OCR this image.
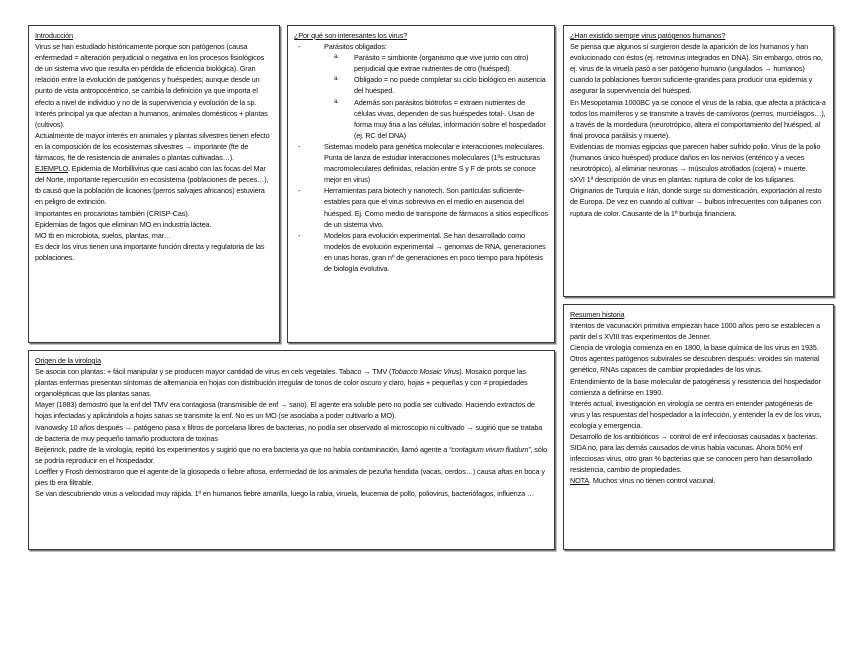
Introducción
Virus se han estudiado históricamente porque son patógenos (causa enfermedad = alteración perjudicial o negativa en los procesos fisiológicos de un sistema vivo que resulta en pérdida de eficiencia biológica). Gran relación entre la evolución de patógenos y huéspedes; aunque desde un punto de vista antropocéntrico, se cambia la definición ya que importa el efecto a nivel de individuo y no de la supervivencia y evolución de la sp.
Interés principal ya que afectan a humanos, animales domésticos + plantas (cultivos).
Actualmente de mayor interés en animales y plantas silvestres tienen efecto en la composición de los ecosistemas silvestres → importante (fte de fármacos, fte de resistencia de animales o plantas cultivadas…).
EJEMPLO. Epidemia de Morbillivirus que casi acabó con las focas del Mar del Norte, importante repercusión en ecosistema (poblaciones de peces…), tb causó que la población de licaones (perros salvajes africanos) estuviera en peligro de extinción.
Importantes en procariotas también (CRISP-Cas).
Epidemias de fagos que eliminan MO en industria láctea.
MO tb en microbiota, suelos, plantas, mar…
Es decir los virus tienen una importante función directa y regulatoria de las poblaciones.
¿Por qué son interesantes los virus?
- Parásitos obligados:
a. Parásito = simbionte (organismo que vive junto con otro) perjudicial que extrae nutrientes de otro (huésped).
a. Obligado = no puede completar su ciclo biológico en ausencia del huésped.
a. Además son parásitos biótrofos = extraen nutrientes de células vivas, dependen de sus huéspedes total-. Usan de forma muy fina a las células, información sobre el hospedador (ej. RC del DNA)
- Sistemas modelo para genética molecular e interacciones moleculares. Punta de lanza de estudiar interacciones moleculares (1ªs estructuras macromoleculares definidas, relación entre S y F de prots se conoce mejor en virus)
- Herramientas para biotech y nanotech. Son partículas suficiente-estables para que el virus sobreviva en el medio en ausencia del huésped. Ej. Como medio de transporte de fármacos a sitios específicos de un sistema vivo.
- Modelos para evolución experimental. Se han desarrollado como modelos de evolución experimental → genomas de RNA, generaciones en unas horas, gran nº de generaciones en poco tiempo para hipótesis de biología evolutiva.
¿Han existido siempre virus patógenos humanos?
Se piensa que algunos sí surgieron desde la aparición de los humanos y han evolucionado con éstos (ej. retrovirus integrados en DNA). Sin embargo, otros no, ej. virus de la viruela pasó a ser patógeno humano (ungulados → humanos) cuando la poblaciones fueron suficiente-grandes para producir una epidemia y asegurar la supervivencia del huésped.
En Mesopotamia 1000BC ya se conoce el virus de la rabia, que afecta a práctica-a todos los mamíferos y se transmite a través de carnívoros (perros, murciélagos…), a través de la mordedura (neurotrópico, altera el comportamiento del huésped, al final provoca parálisis y muerte).
Evidencias de momias egipcias que parecen haber sufrido polio. Virus de la polio (humanos único huésped) produce daños en los nervios (entérico y a veces neurotrópico), al eliminar neuronas → músculos atrofiados (cojera) + muerte.
sXVI 1ª descripción de virus en plantas: ruptura de color de los tulipanes. Originarios de Turquía e Irán, donde surge su domesticación, exportación al resto de Europa. De vez en cuando al cultivar → bulbos infrecuentes con tulipanes con ruptura de color. Causante de la 1ª burbuja financiera.
Origen de la virología
Se asocia con plantas: + fácil manipular y se producen mayor cantidad de virus en cels vegetales. Tabaco → TMV (Tobacco Mosaic Virus). Mosaico porque las plantas enfermas presentan síntomas de alternancia en hojas con distribución irregular de tonos de color oscuro y claro, hojas + pequeñas y con ≠ propiedades organolépticas que las plantas sanas.
Mayer (1883) demostró que la enf del TMV era contagiosa (transmisible de enf → sano). El agente era soluble pero no podía ser cultivado. Haciendo extractos de hojas infectadas y aplicándola a hojas sanas se transmite la enf. No es un MO (se asociaba a poder cultivarlo a MO).
Ivanowsky 10 años después → patógeno pasa x filtros de porcelana libres de bacterias, no podía ser observado al microscopio ni cultivado → sugirió que se trataba de bacteria de muy pequeño tamaño productora de toxinas
Beijerinck, padre de la virología, repitió los experimentos y sugirió que no era bacteria ya que no había contaminación, llamó agente a “contagium vivum fluidum”, sólo se podría reproducir en el hospedador.
Loeffler y Frosh demostraron que el agente de la glosopeda o fiebre aftosa, enfermedad de los animales de pezuña hendida (vacas, cerdos…) causa aftas en boca y pies tb era filtrable.
Se van descubriendo virus a velocidad muy rápida. 1º en humanos fiebre amarilla, luego la rabia, viruela, leucemia de pollo, poliovirus, bacteriófagos, influenza …
Resumen historia
Intentos de vacunación primitiva empiezan hace 1000 años pero se establecen a partir del s XVIII tras experimentos de Jenner.
Ciencia de virología comienza en en 1800, la base química de los virus en 1935. Otros agentes patógenos subvirales se descubren después: viroides sin material genético, RNAs capaces de cambiar propiedades de los virus.
Entendimiento de la base molecular de patogénesis y resistencia del hospedador comienza a definirse en 1990.
Interés actual, investigación en virología se centra en entender patogénesis de virus y las respuestas del hospedador a la infección, y entender la ev de los virus, ecología y emergencia.
Desarrollo de los antibióticos → control de enf infecciosas causadas x bacterias. SIDA no, para las demás causados de virus había vacunas. Ahora 50% enf infecciosas virus, otro gran % bacterias que se conocen pero han desarrollado resistencia, cambio de propiedades.
NOTA. Muchos virus no tienen control vacunal.
